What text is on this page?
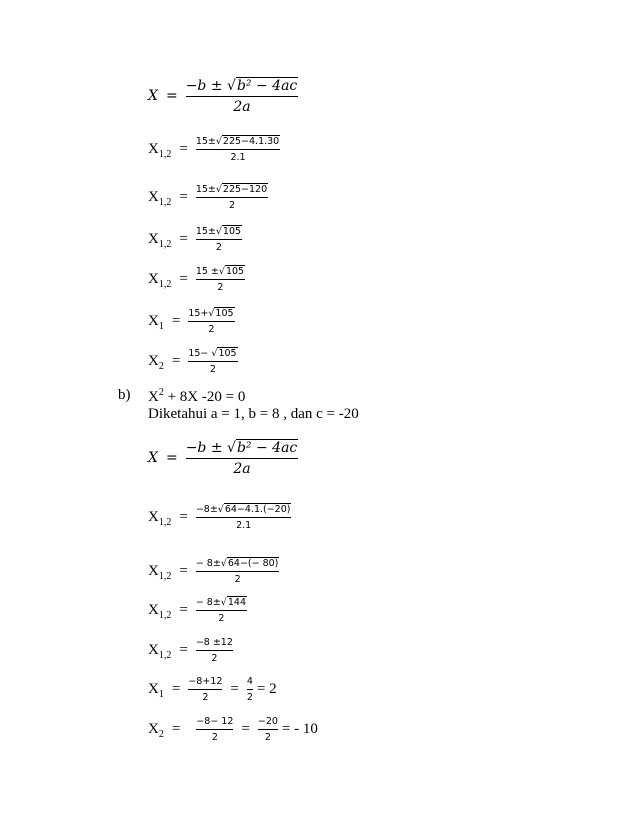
$X = \frac{\text{−b ± √b² − 4ac}}{2a}$
$X_{1,2} = \frac{15\pm√225-4.1.30}{2.1}$
$X_{1,2} = \frac{15\pm√225-120}{2}$
$X_{1,2} = \frac{15\pm√105}{2}$
$X_{1,2} = \frac{15 \pm√105}{2}$
$X_1 = \frac{15+√105}{2}$
$X_2 = \frac{15- √105}{2}$
b) $X^2 + 8X$ -20 = 0
Diketahui a = 1, b = 8 , dan c = -20
$X = \frac{\text{−b ± √b² − 4ac}}{2a}$
$X_{1,2} = \frac{-8\pm√64-4.1.(-20)}{2.1}$
$X_{1,2} = \frac{- 8\pm√64-(- 80)}{2}$
$X_{1,2} = \frac{- 8\pm√144}{2}$
$X_{1,2} = \frac{-8 \pm 12}{2}$
$X_1 = \frac{-8+12}{2} = \frac{4}{2} = 2$
$X_2 = \frac{-8- 12}{2} = \frac{-20}{2}$ = - 10
